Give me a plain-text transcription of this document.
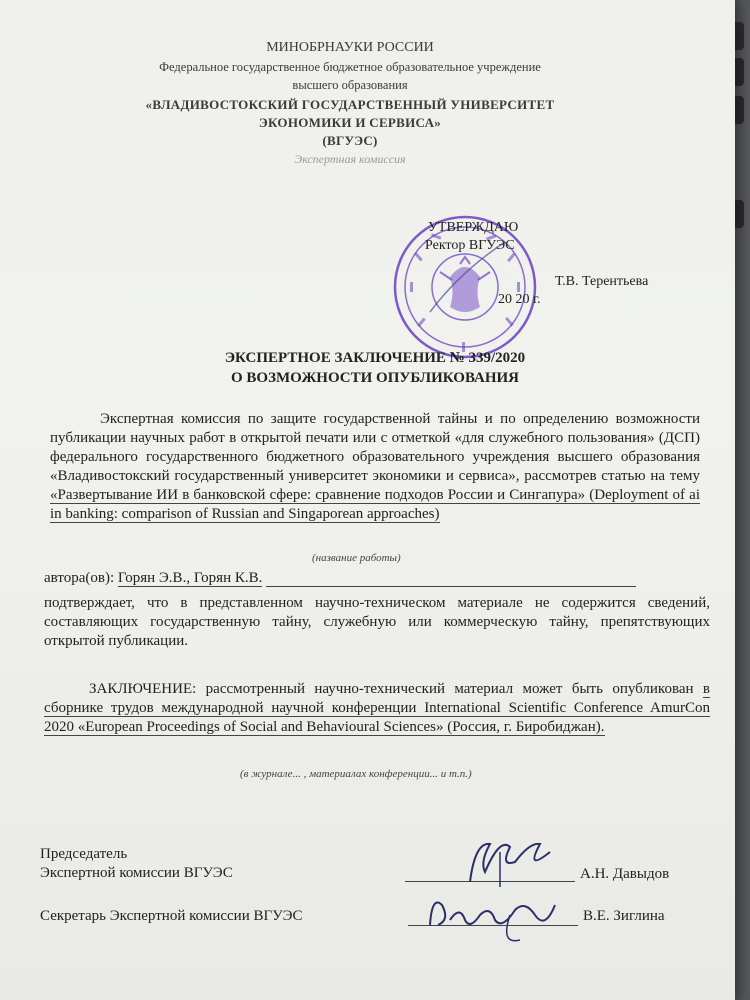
МИНОБРНАУКИ РОССИИ
Федеральное государственное бюджетное образовательное учреждение
высшего образования
«ВЛАДИВОСТОКСКИЙ ГОСУДАРСТВЕННЫЙ УНИВЕРСИТЕТ
ЭКОНОМИКИ И СЕРВИСА»
(ВГУЭС)
Экспертная комиссия
УТВЕРЖДАЮ
Ректор ВГУЭС
Т.В. Терентьева
20 20 г.
ЭКСПЕРТНОЕ ЗАКЛЮЧЕНИЕ № 339/2020
О ВОЗМОЖНОСТИ ОПУБЛИКОВАНИЯ
Экспертная комиссия по защите государственной тайны и по определению возможности публикации научных работ в открытой печати или с отметкой «для служебного пользования» (ДСП) федерального государственного бюджетного образовательного учреждения высшего образования «Владивостокский государственный университет экономики и сервиса», рассмотрев статью на тему «Развертывание ИИ в банковской сфере: сравнение подходов России и Сингапура» (Deployment of ai in banking: comparison of Russian and Singaporean approaches)
(название работы)
автора(ов): Горян Э.В., Горян К.В.
подтверждает, что в представленном научно-техническом материале не содержится сведений, составляющих государственную тайну, служебную или коммерческую тайну, препятствующих открытой публикации.
ЗАКЛЮЧЕНИЕ: рассмотренный научно-технический материал может быть опубликован в сборнике трудов международной научной конференции International Scientific Conference AmurCon 2020 «European Proceedings of Social and Behavioural Sciences» (Россия, г. Биробиджан).
(в журнале... , материалах конференции... и т.п.)
Председатель
Экспертной комиссии ВГУЭС	А.Н. Давыдов
Секретарь Экспертной комиссии ВГУЭС	В.Е. Зиглина
